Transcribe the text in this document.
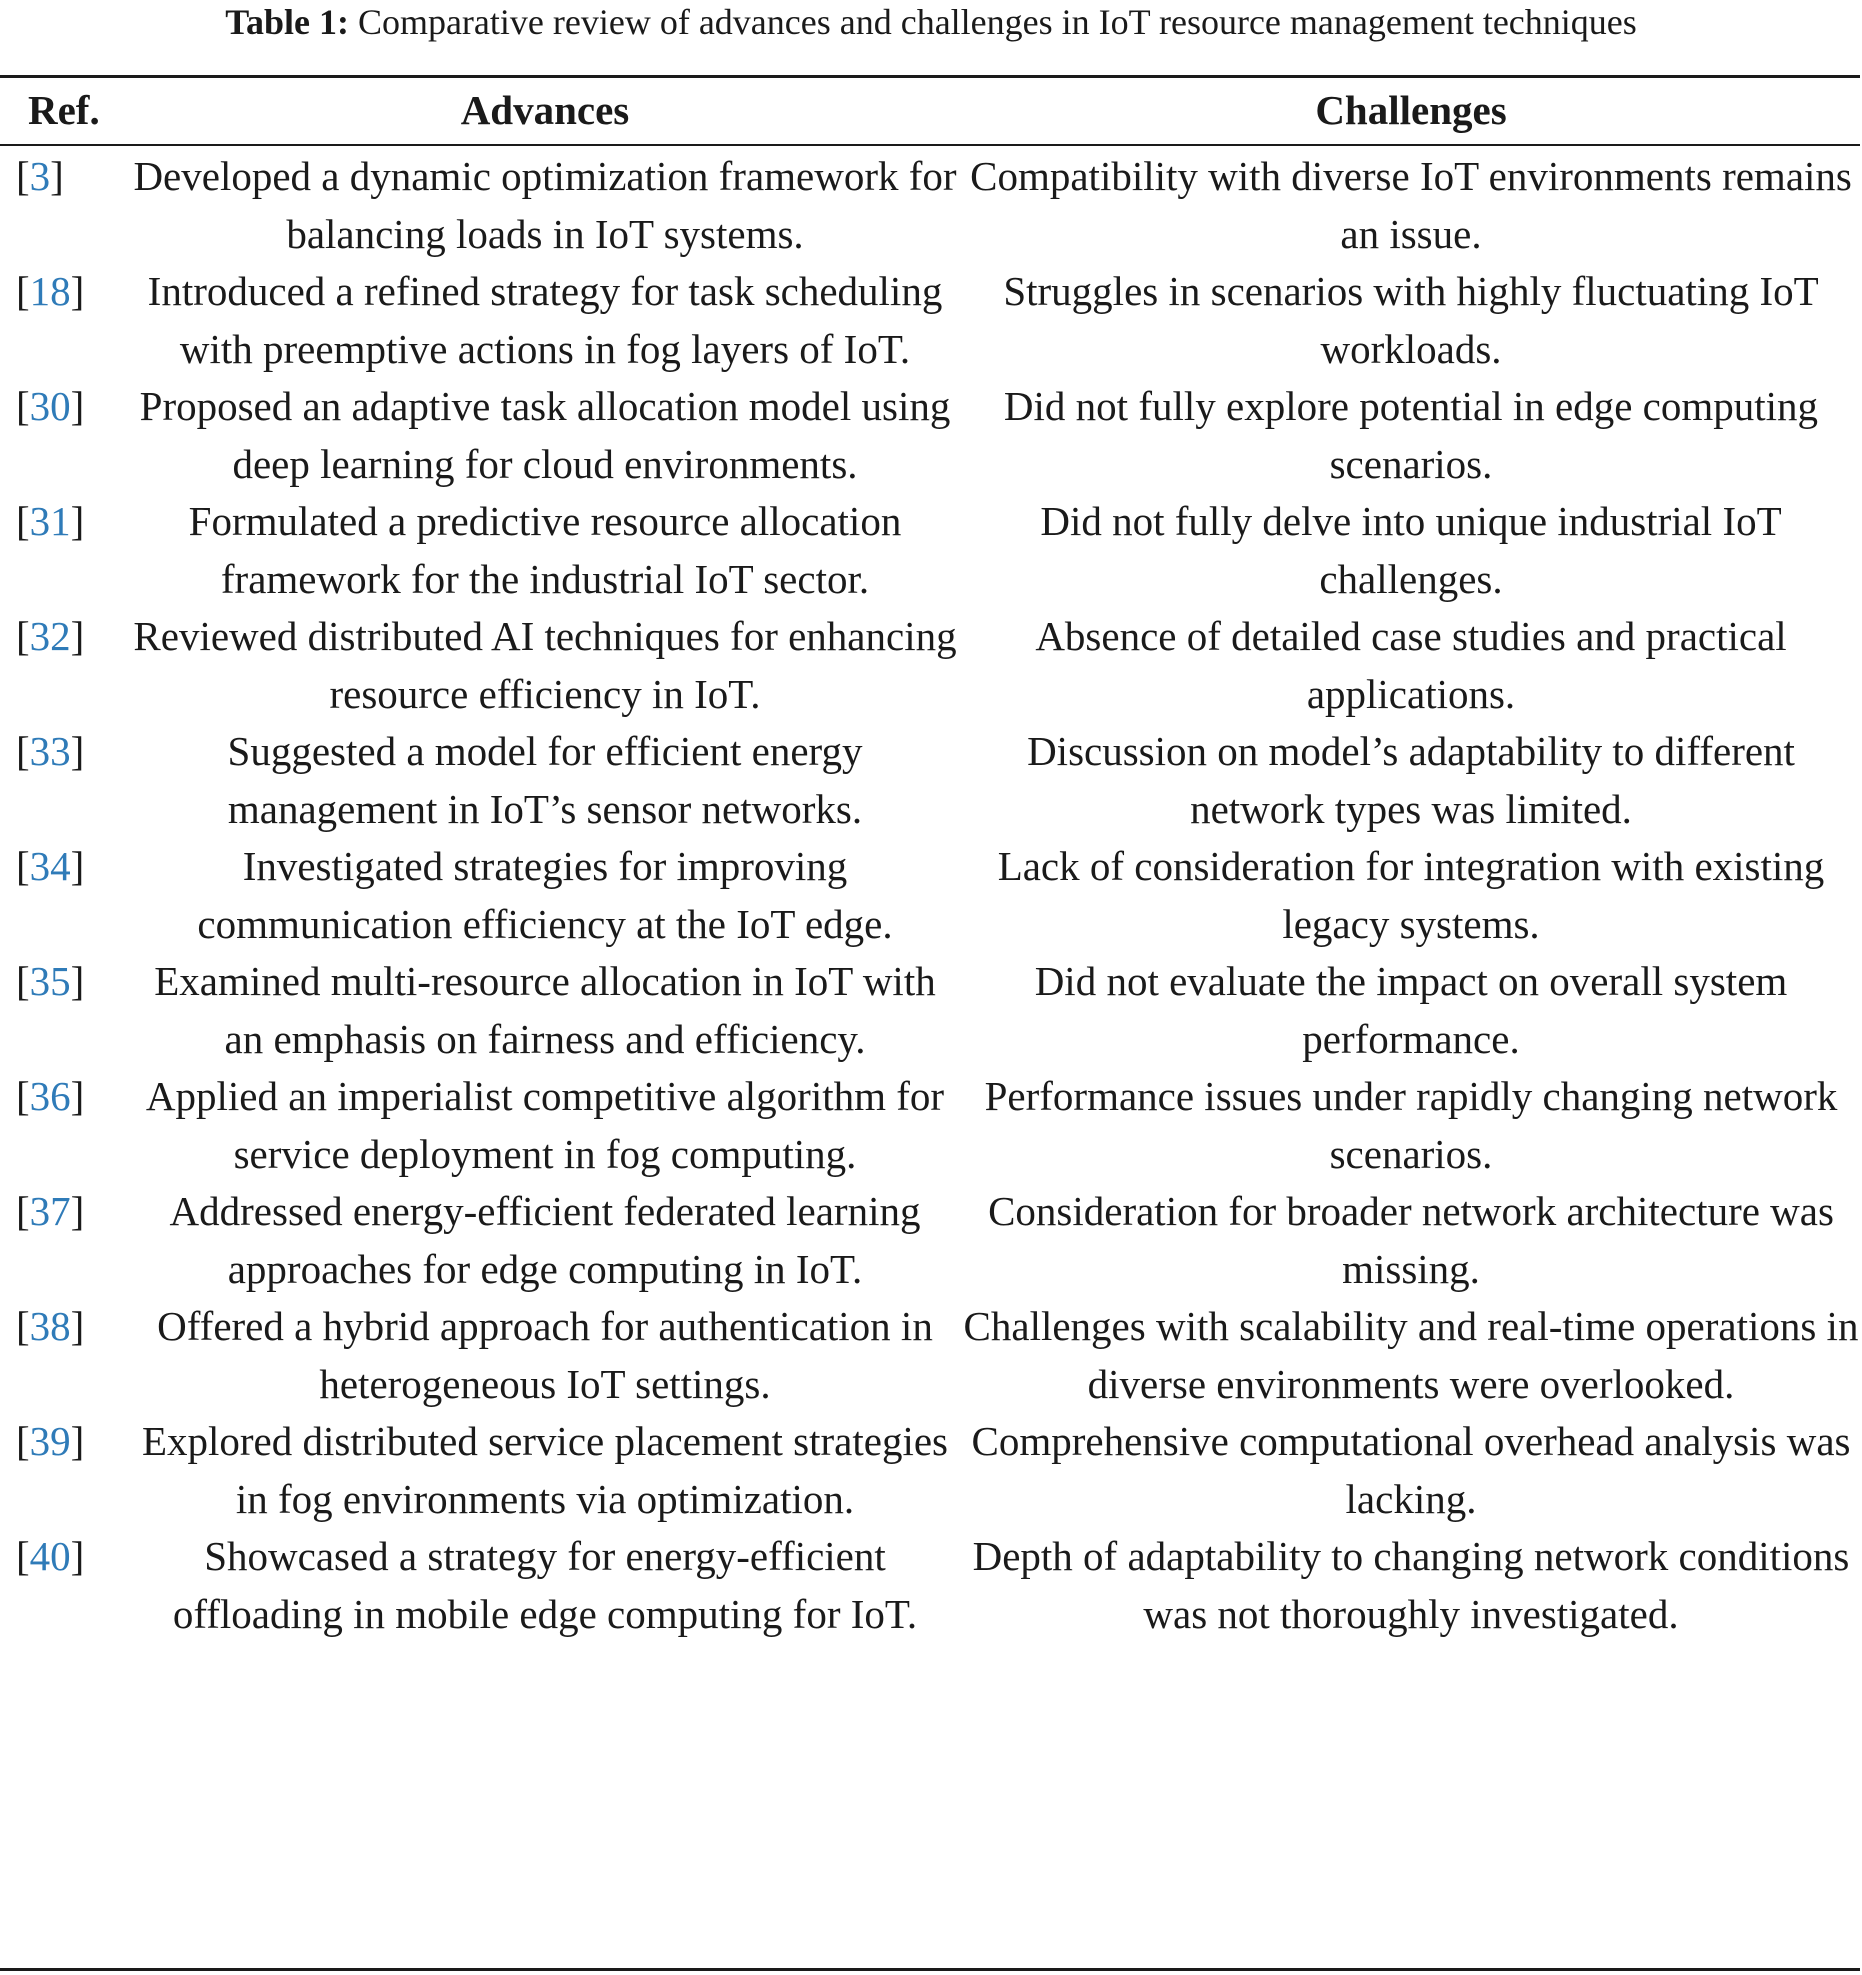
Table 1: Comparative review of advances and challenges in IoT resource management techniques
Ref.	Advances	Challenges
[3]	Developed a dynamic optimization framework for balancing loads in IoT systems.	Compatibility with diverse IoT environments remains an issue.
[18]	Introduced a refined strategy for task scheduling with preemptive actions in fog layers of IoT.	Struggles in scenarios with highly fluctuating IoT workloads.
[30]	Proposed an adaptive task allocation model using deep learning for cloud environments.	Did not fully explore potential in edge computing scenarios.
[31]	Formulated a predictive resource allocation framework for the industrial IoT sector.	Did not fully delve into unique industrial IoT challenges.
[32]	Reviewed distributed AI techniques for enhancing resource efficiency in IoT.	Absence of detailed case studies and practical applications.
[33]	Suggested a model for efficient energy management in IoT’s sensor networks.	Discussion on model’s adaptability to different network types was limited.
[34]	Investigated strategies for improving communication efficiency at the IoT edge.	Lack of consideration for integration with existing legacy systems.
[35]	Examined multi-resource allocation in IoT with an emphasis on fairness and efficiency.	Did not evaluate the impact on overall system performance.
[36]	Applied an imperialist competitive algorithm for service deployment in fog computing.	Performance issues under rapidly changing network scenarios.
[37]	Addressed energy-efficient federated learning approaches for edge computing in IoT.	Consideration for broader network architecture was missing.
[38]	Offered a hybrid approach for authentication in heterogeneous IoT settings.	Challenges with scalability and real-time operations in diverse environments were overlooked.
[39]	Explored distributed service placement strategies in fog environments via optimization.	Comprehensive computational overhead analysis was lacking.
[40]	Showcased a strategy for energy-efficient offloading in mobile edge computing for IoT.	Depth of adaptability to changing network conditions was not thoroughly investigated.
